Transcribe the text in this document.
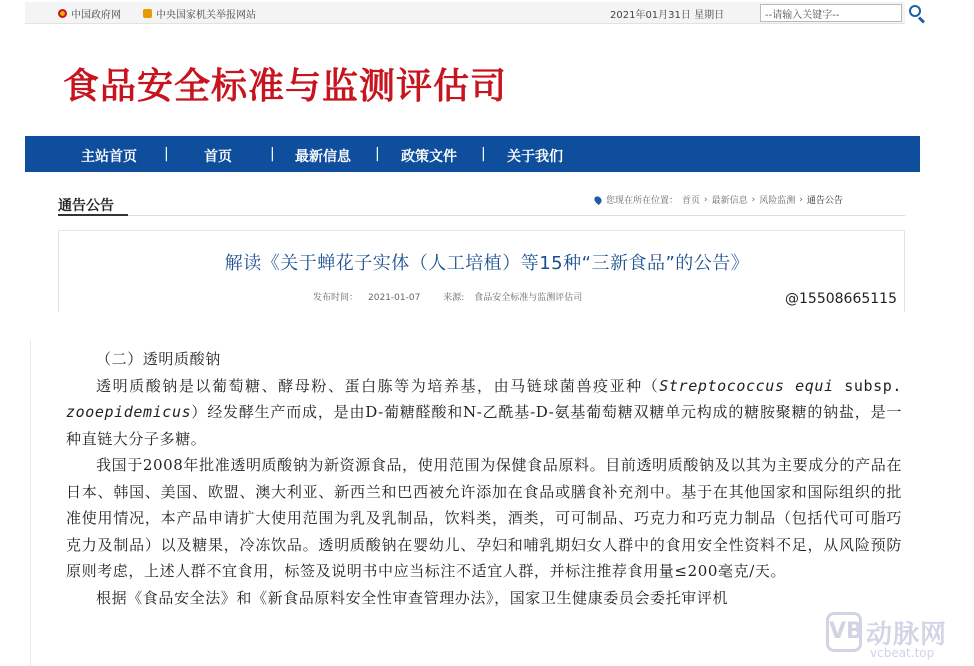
中国政府网	中央国家机关举报网站	2021年01月31日 星期日
--请输入关键字--
食品安全标准与监测评估司
主站首页 |	首页	| 最新信息 | 政策文件 | 关于我们
通告公告	您现在所在位置： 首页 › 最新信息 › 风险监测 › 通告公告
解读《关于蝉花子实体（人工培植）等15种“三新食品”的公告》
发布时间： 2021-01-07	来源: 食品安全标准与监测评估司	@15508665115

（二）透明质酸钠

透明质酸钠是以葡萄糖、酵母粉、蛋白胨等为培养基，由马链球菌兽疫亚种（Streptococcus equi subsp. zooepidemicus）经发酵生产而成，是由D-葡糖醛酸和N-乙酰基-D-氨基葡萄糖双糖单元构成的糖胺聚糖的钠盐，是一种直链大分子多糖。

我国于2008年批准透明质酸钠为新资源食品，使用范围为保健食品原料。目前透明质酸钠及以其为主要成分的产品在日本、韩国、美国、欧盟、澳大利亚、新西兰和巴西被允许添加在食品或膳食补充剂中。基于在其他国家和国际组织的批准使用情况，本产品申请扩大使用范围为乳及乳制品，饮料类，酒类，可可制品、巧克力和巧克力制品（包括代可可脂巧克力及制品）以及糖果，冷冻饮品。透明质酸钠在婴幼儿、孕妇和哺乳期妇女人群中的食用安全性资料不足，从风险预防原则考虑，上述人群不宜食用，标签及说明书中应当标注不适宜人群，并标注推荐食用量≤200毫克/天。

根据《食品安全法》和《新食品原料安全性审查管理办法》，国家卫生健康委员会委托审评机

VB 动脉网
vcbeat.top
